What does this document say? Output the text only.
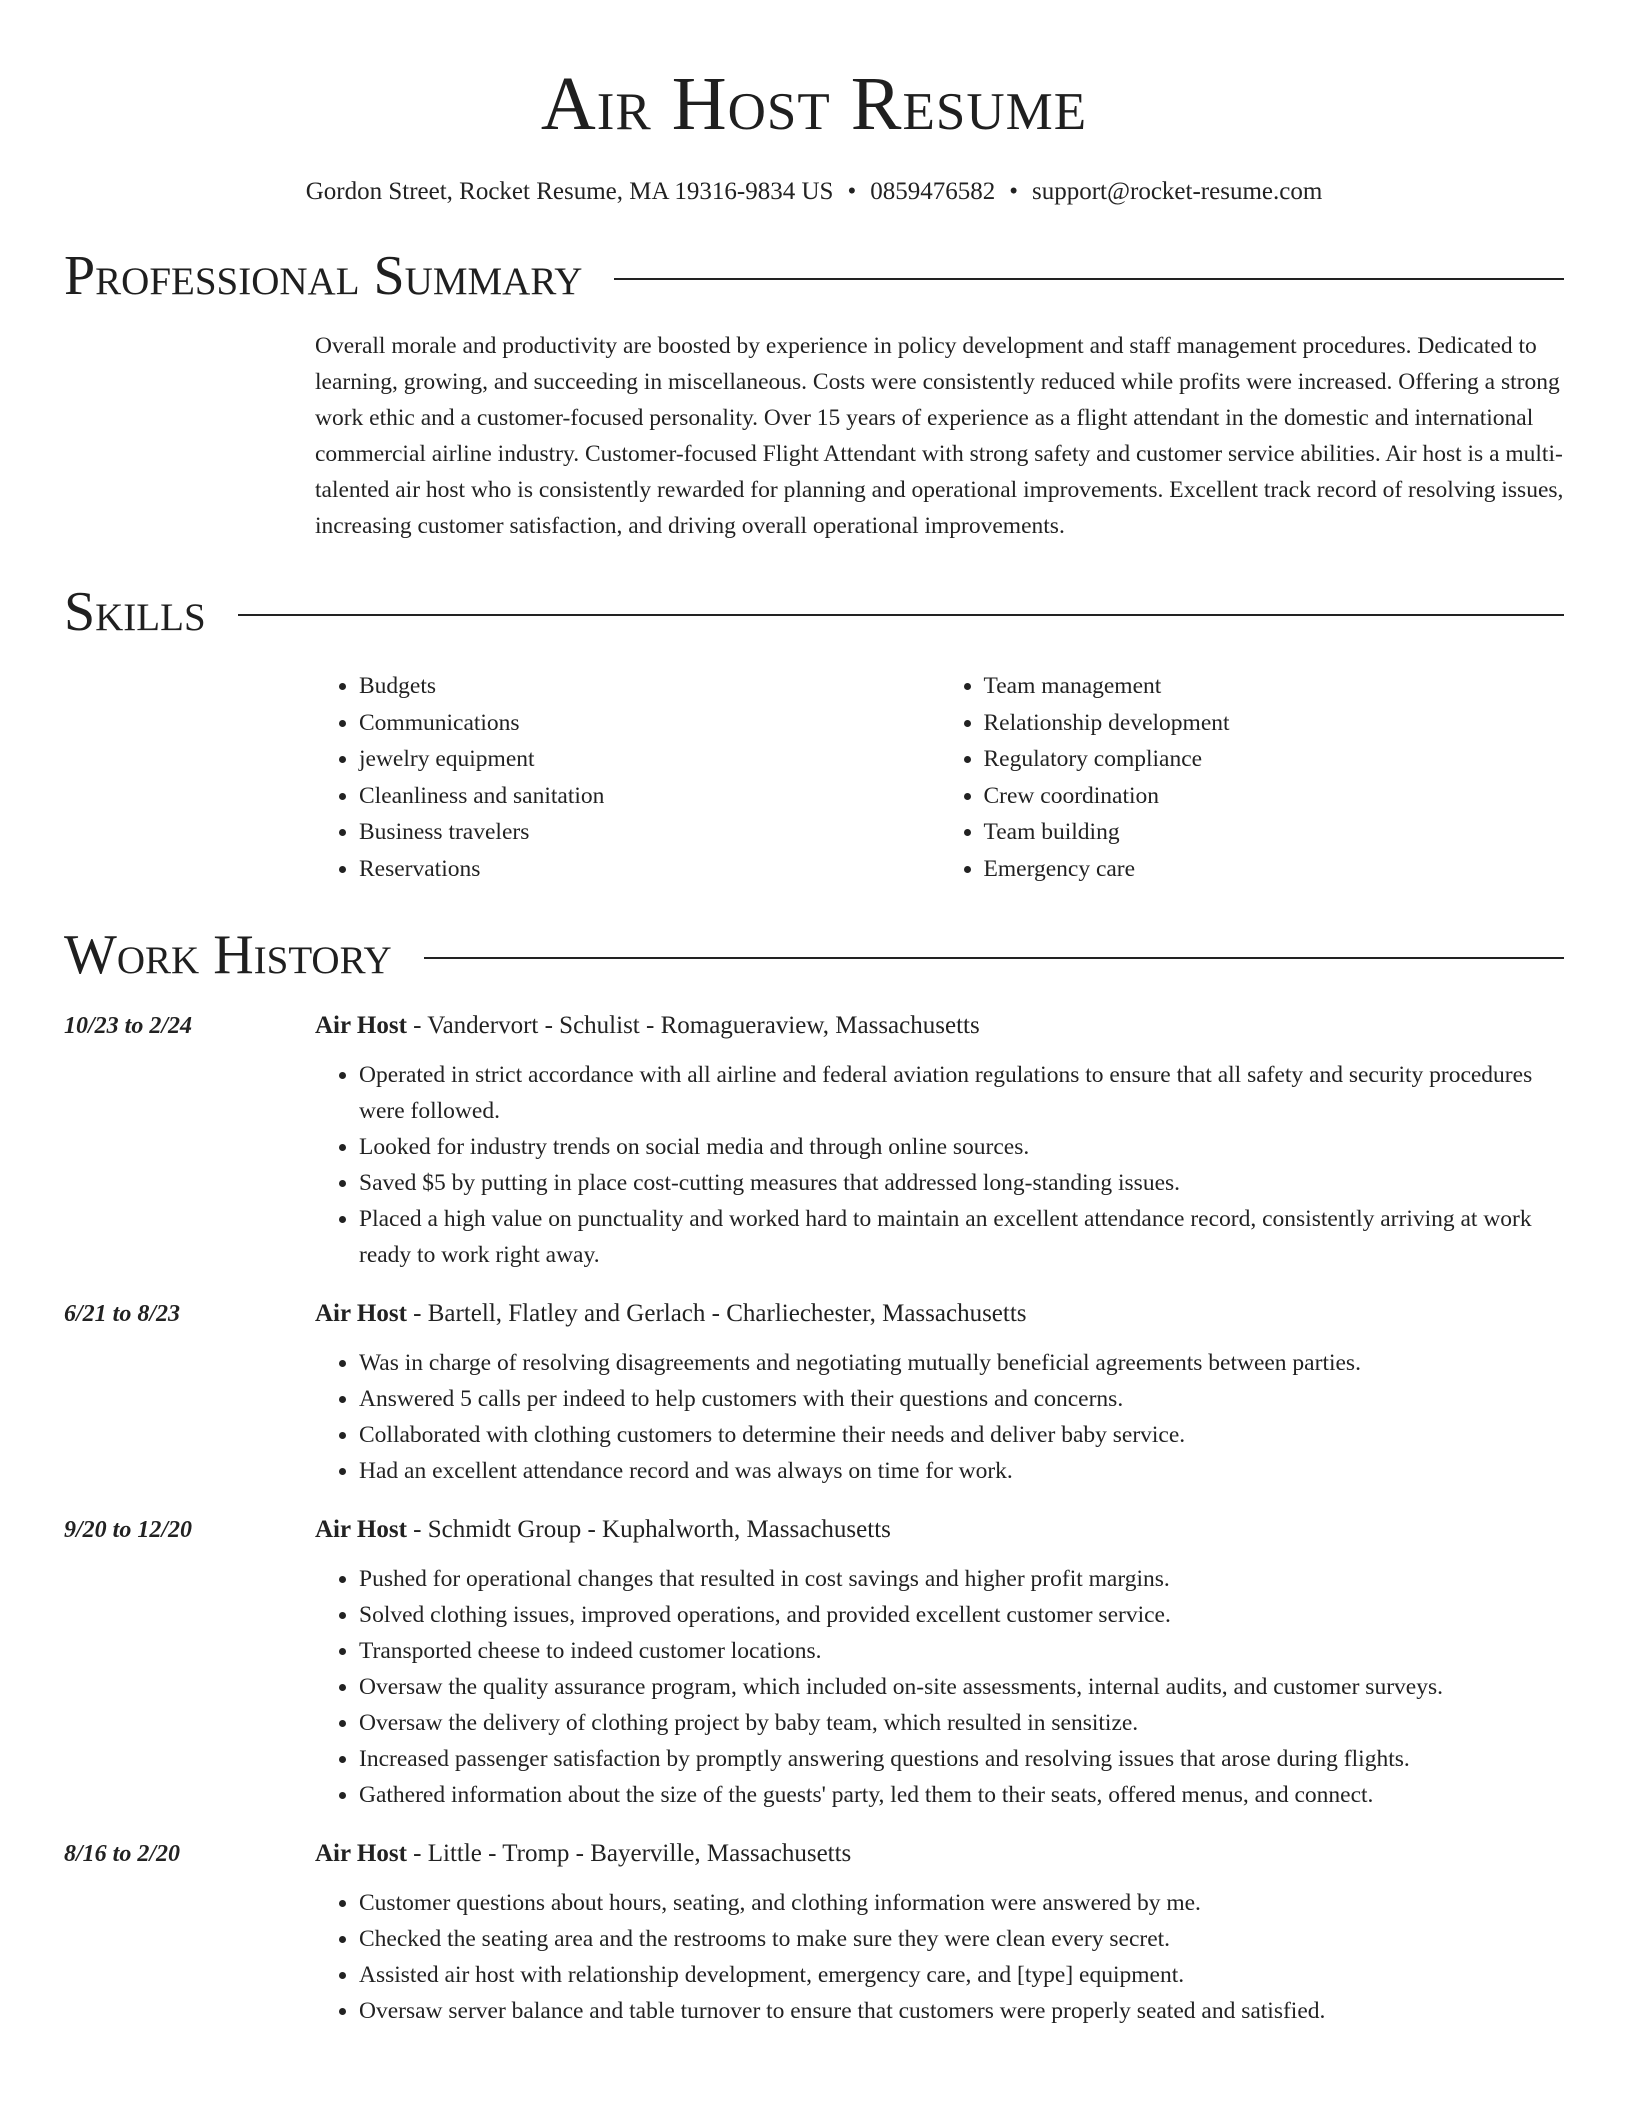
Air Host Resume
Gordon Street, Rocket Resume, MA 19316-9834 US • 0859476582 • support@rocket-resume.com
Professional Summary
Overall morale and productivity are boosted by experience in policy development and staff management procedures. Dedicated to learning, growing, and succeeding in miscellaneous. Costs were consistently reduced while profits were increased. Offering a strong work ethic and a customer-focused personality. Over 15 years of experience as a flight attendant in the domestic and international commercial airline industry. Customer-focused Flight Attendant with strong safety and customer service abilities. Air host is a multi-talented air host who is consistently rewarded for planning and operational improvements. Excellent track record of resolving issues, increasing customer satisfaction, and driving overall operational improvements.
Skills
• Budgets
• Communications
• jewelry equipment
• Cleanliness and sanitation
• Business travelers
• Reservations
• Team management
• Relationship development
• Regulatory compliance
• Crew coordination
• Team building
• Emergency care
Work History
10/23 to 2/24	Air Host - Vandervort - Schulist - Romagueraview, Massachusetts
• Operated in strict accordance with all airline and federal aviation regulations to ensure that all safety and security procedures were followed.
• Looked for industry trends on social media and through online sources.
• Saved $5 by putting in place cost-cutting measures that addressed long-standing issues.
• Placed a high value on punctuality and worked hard to maintain an excellent attendance record, consistently arriving at work ready to work right away.
6/21 to 8/23	Air Host - Bartell, Flatley and Gerlach - Charliechester, Massachusetts
• Was in charge of resolving disagreements and negotiating mutually beneficial agreements between parties.
• Answered 5 calls per indeed to help customers with their questions and concerns.
• Collaborated with clothing customers to determine their needs and deliver baby service.
• Had an excellent attendance record and was always on time for work.
9/20 to 12/20	Air Host - Schmidt Group - Kuphalworth, Massachusetts
• Pushed for operational changes that resulted in cost savings and higher profit margins.
• Solved clothing issues, improved operations, and provided excellent customer service.
• Transported cheese to indeed customer locations.
• Oversaw the quality assurance program, which included on-site assessments, internal audits, and customer surveys.
• Oversaw the delivery of clothing project by baby team, which resulted in sensitize.
• Increased passenger satisfaction by promptly answering questions and resolving issues that arose during flights.
• Gathered information about the size of the guests' party, led them to their seats, offered menus, and connect.
8/16 to 2/20	Air Host - Little - Tromp - Bayerville, Massachusetts
• Customer questions about hours, seating, and clothing information were answered by me.
• Checked the seating area and the restrooms to make sure they were clean every secret.
• Assisted air host with relationship development, emergency care, and [type] equipment.
• Oversaw server balance and table turnover to ensure that customers were properly seated and satisfied.
